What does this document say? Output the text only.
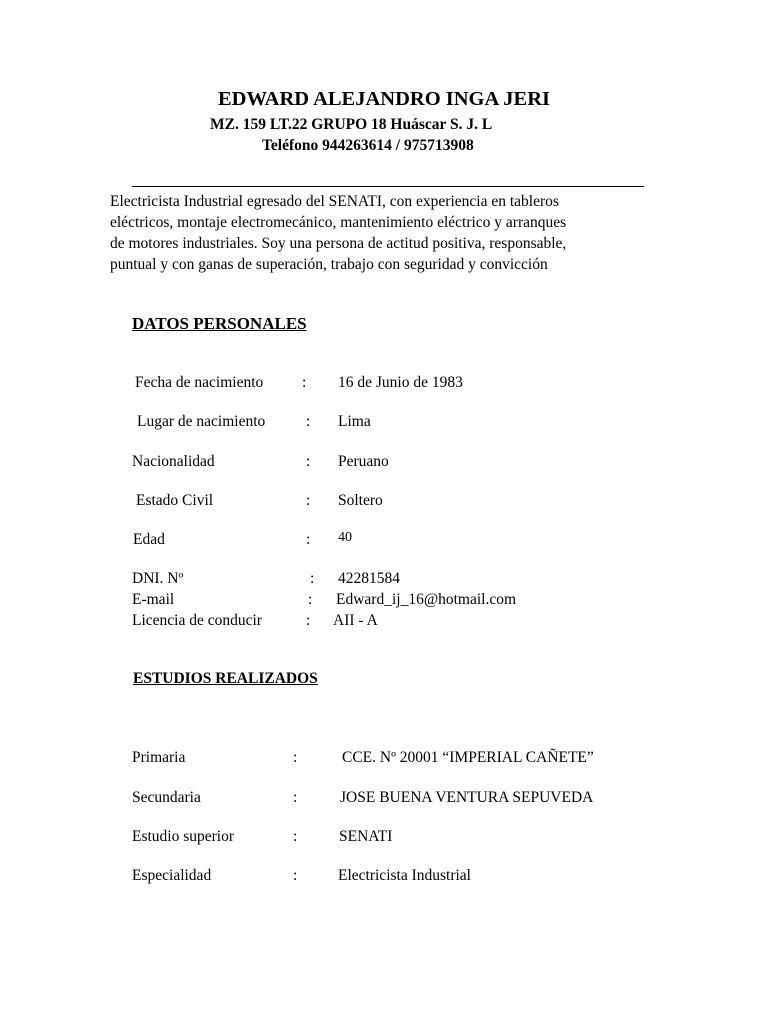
EDWARD ALEJANDRO INGA JERI
MZ. 159 LT.22 GRUPO 18 Huáscar S. J. L
Teléfono 944263614 / 975713908
Electricista Industrial egresado del SENATI, con experiencia en tableros
eléctricos, montaje electromecánico, mantenimiento eléctrico y arranques
de motores industriales. Soy una persona de actitud positiva, responsable,
puntual y con ganas de superación, trabajo con seguridad y convicción
DATOS PERSONALES
Fecha de nacimiento : 16 de Junio de 1983
Lugar de nacimiento	: Lima
Nacionalidad	: Peruano
Estado Civil	: Soltero
Edad	: 40
DNI. Nº	: 42281584
E-mail	: Edward_ij_16@hotmail.com
Licencia de conducir	: AII - A
ESTUDIOS REALIZADOS
Primaria	:	CCE. Nº 20001 “IMPERIAL CAÑETE”
Secundaria	:	JOSE BUENA VENTURA SEPUVEDA
Estudio superior	:	SENATI
Especialidad	:	Electricista Industrial
